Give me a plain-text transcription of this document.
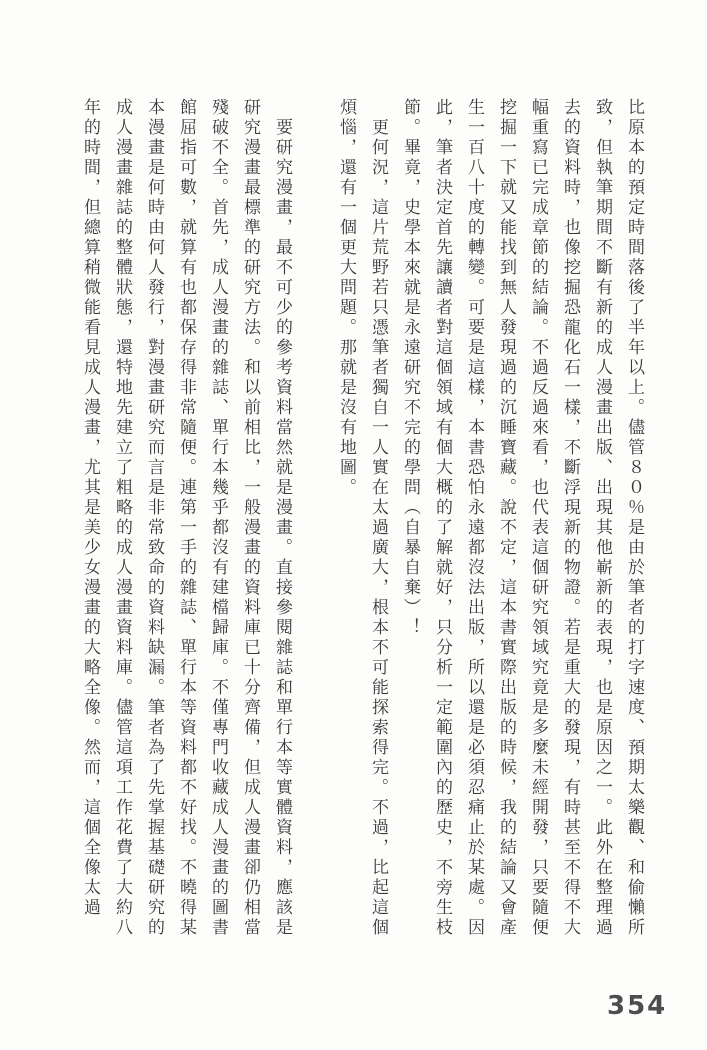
比原本的預定時間落後了半年以上。儘管８０％是由於筆者的打字速度、預期太樂觀、和偷懶所致，但執筆期間不斷有新的成人漫畫出版、出現其他嶄新的表現，也是原因之一。此外在整理過去的資料時，也像挖掘恐龍化石一樣，不斷浮現新的物證。若是重大的發現，有時甚至不得不大幅重寫已完成章節的結論。不過反過來看，也代表這個研究領域究竟是多麼未經開發，只要隨便挖掘一下就又能找到無人發現過的沉睡寶藏。說不定，這本書實際出版的時候，我的結論又會產生一百八十度的轉變。可要是這樣，本書恐怕永遠都沒法出版，所以還是必須忍痛止於某處。因此，筆者決定首先讓讀者對這個領域有個大概的了解就好，只分析一定範圍內的歷史，不旁生枝節。畢竟，史學本來就是永遠研究不完的學問（自暴自棄）！

更何況，這片荒野若只憑筆者獨自一人實在太過廣大，根本不可能探索得完。不過，比起這個煩惱，還有一個更大問題。那就是沒有地圖。

要研究漫畫，最不可少的參考資料當然就是漫畫。直接參閱雜誌和單行本等實體資料，應該是研究漫畫最標準的研究方法。和以前相比，一般漫畫的資料庫已十分齊備，但成人漫畫卻仍相當殘破不全。首先，成人漫畫的雜誌、單行本幾乎都沒有建檔歸庫。不僅專門收藏成人漫畫的圖書館屈指可數，就算有也都保存得非常隨便。連第一手的雜誌、單行本等資料都不好找。不曉得某本漫畫是何時由何人發行，對漫畫研究而言是非常致命的資料缺漏。筆者為了先掌握基礎研究的成人漫畫雜誌的整體狀態，還特地先建立了粗略的成人漫畫資料庫。儘管這項工作花費了大約八年的時間，但總算稍微能看見成人漫畫，尤其是美少女漫畫的大略全像。然而，這個全像太過

354
